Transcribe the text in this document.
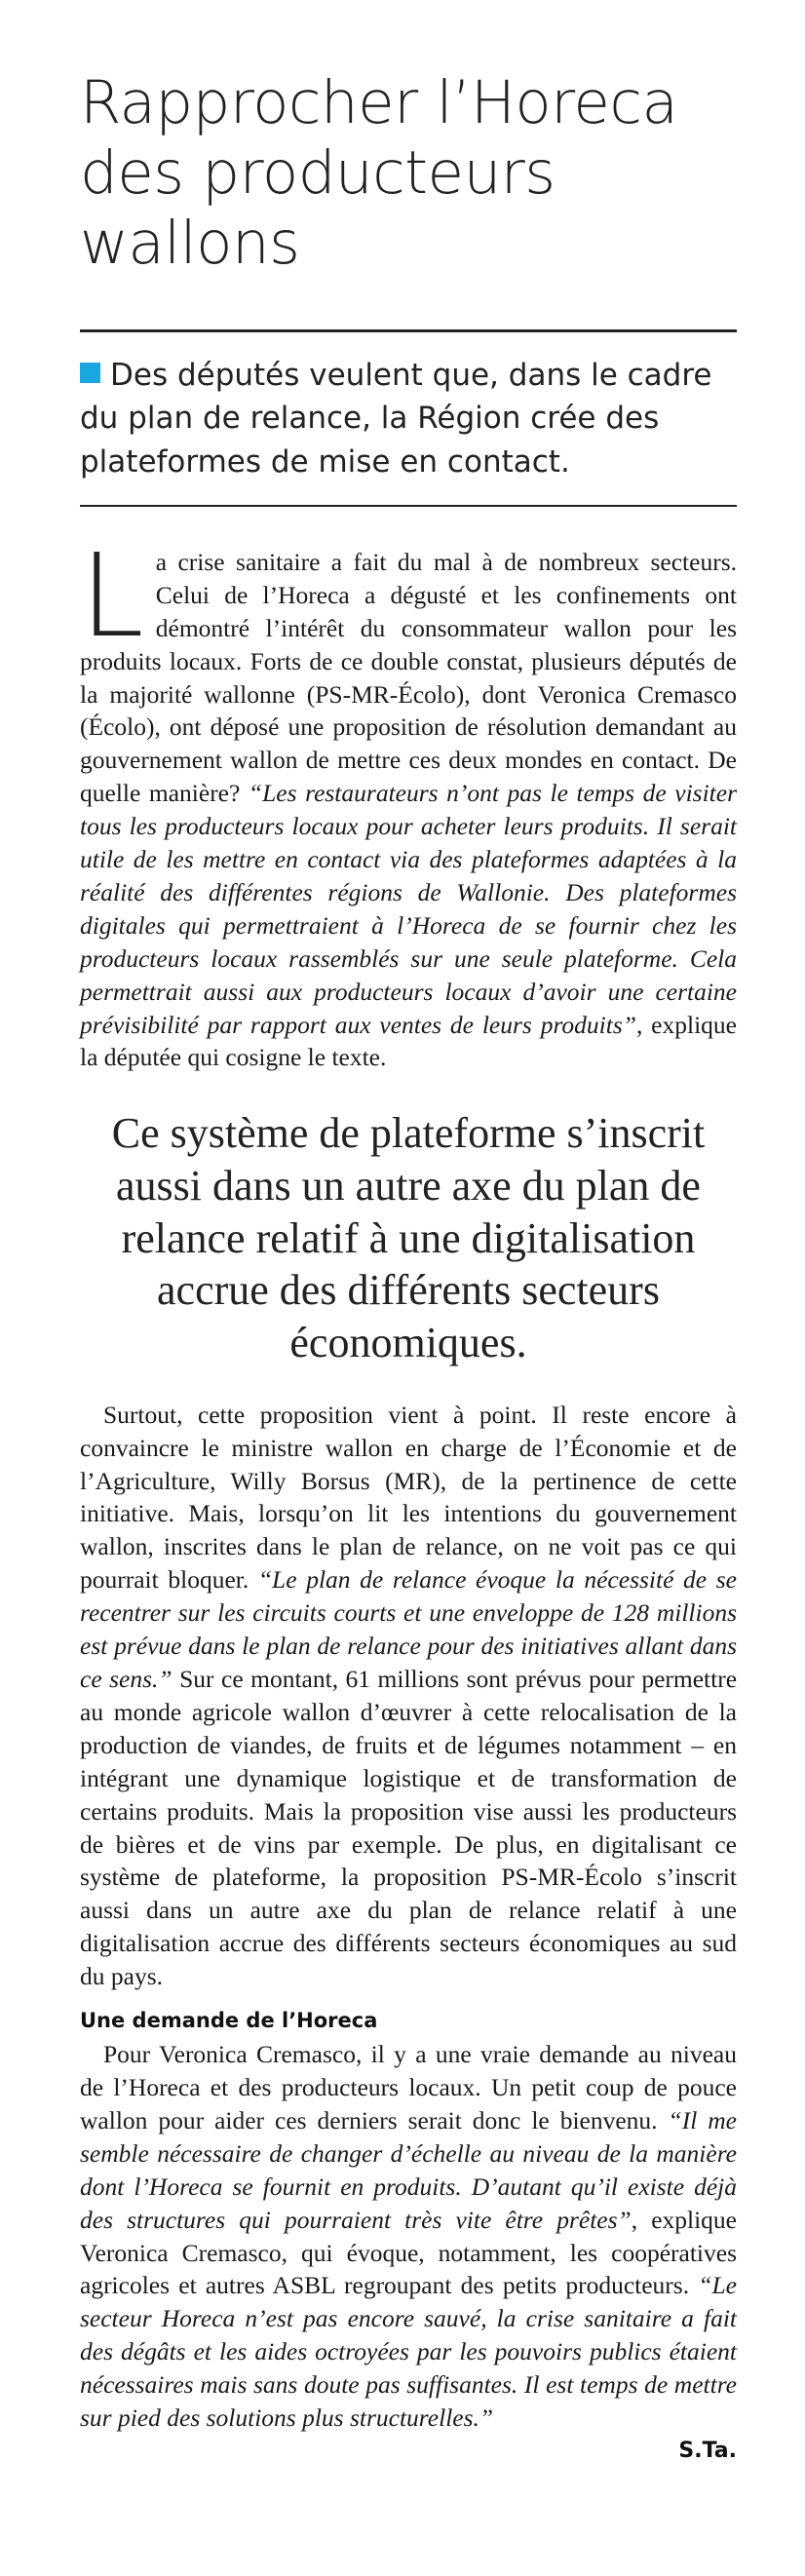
Rapprocher l’Horeca des producteurs wallons

Des députés veulent que, dans le cadre du plan de relance, la Région crée des plateformes de mise en contact.

La crise sanitaire a fait du mal à de nombreux secteurs. Celui de l’Horeca a dégusté et les confinements ont démontré l’intérêt du consommateur wallon pour les produits locaux. Forts de ce double constat, plusieurs députés de la majorité wallonne (PS-MR-Écolo), dont Veronica Cremasco (Écolo), ont déposé une proposition de résolution demandant au gouvernement wallon de mettre ces deux mondes en contact. De quelle manière? “Les restaurateurs n’ont pas le temps de visiter tous les producteurs locaux pour acheter leurs produits. Il serait utile de les mettre en contact via des plateformes adaptées à la réalité des différentes régions de Wallonie. Des plateformes digitales qui permettraient à l’Horeca de se fournir chez les producteurs locaux rassemblés sur une seule plateforme. Cela permettrait aussi aux producteurs locaux d’avoir une certaine prévisibilité par rapport aux ventes de leurs produits”, explique la députée qui cosigne le texte.

Ce système de plateforme s’inscrit aussi dans un autre axe du plan de relance relatif à une digitalisation accrue des différents secteurs économiques.

Surtout, cette proposition vient à point. Il reste encore à convaincre le ministre wallon en charge de l’Économie et de l’Agriculture, Willy Borsus (MR), de la pertinence de cette initiative. Mais, lorsqu’on lit les intentions du gouvernement wallon, inscrites dans le plan de relance, on ne voit pas ce qui pourrait bloquer. “Le plan de relance évoque la nécessité de se recentrer sur les circuits courts et une enveloppe de 128 millions est prévue dans le plan de relance pour des initiatives allant dans ce sens.” Sur ce montant, 61 millions sont prévus pour permettre au monde agricole wallon d’œuvrer à cette relocalisation de la production de viandes, de fruits et de légumes notamment – en intégrant une dynamique logistique et de transformation de certains produits. Mais la proposition vise aussi les producteurs de bières et de vins par exemple. De plus, en digitalisant ce système de plateforme, la proposition PS-MR-Écolo s’inscrit aussi dans un autre axe du plan de relance relatif à une digitalisation accrue des différents secteurs économiques au sud du pays.

Une demande de l’Horeca

Pour Veronica Cremasco, il y a une vraie demande au niveau de l’Horeca et des producteurs locaux. Un petit coup de pouce wallon pour aider ces derniers serait donc le bienvenu. “Il me semble nécessaire de changer d’échelle au niveau de la manière dont l’Horeca se fournit en produits. D’autant qu’il existe déjà des structures qui pourraient très vite être prêtes”, explique Veronica Cremasco, qui évoque, notamment, les coopératives agricoles et autres ASBL regroupant des petits producteurs. “Le secteur Horeca n’est pas encore sauvé, la crise sanitaire a fait des dégâts et les aides octroyées par les pouvoirs publics étaient nécessaires mais sans doute pas suffisantes. Il est temps de mettre sur pied des solutions plus structurelles.”

S.Ta.
